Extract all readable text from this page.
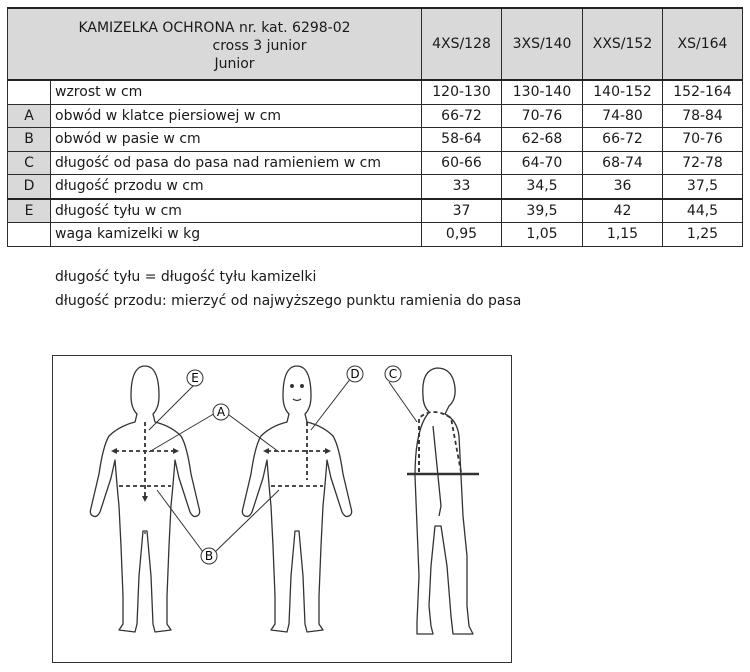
KAMIZELKA OCHRONA nr. kat. 6298-02
cross 3 junior
Junior		4XS/128	3XS/140	XXS/152	XS/164
	wzrost w cm	120-130	130-140	140-152	152-164
A	obwód w klatce piersiowej w cm	66-72	70-76	74-80	78-84
B	obwód w pasie w cm	58-64	62-68	66-72	70-76
C	długość od pasa do pasa nad ramieniem w cm	60-66	64-70	68-74	72-78
D	długość przodu w cm	33	34,5	36	37,5
E	długość tyłu w cm	37	39,5	42	44,5
	waga kamizelki w kg	0,95	1,05	1,15	1,25
długość tyłu = długość tyłu kamizelki
długość przodu: mierzyć od najwyższego punktu ramienia do pasa
E
A
D C
B
